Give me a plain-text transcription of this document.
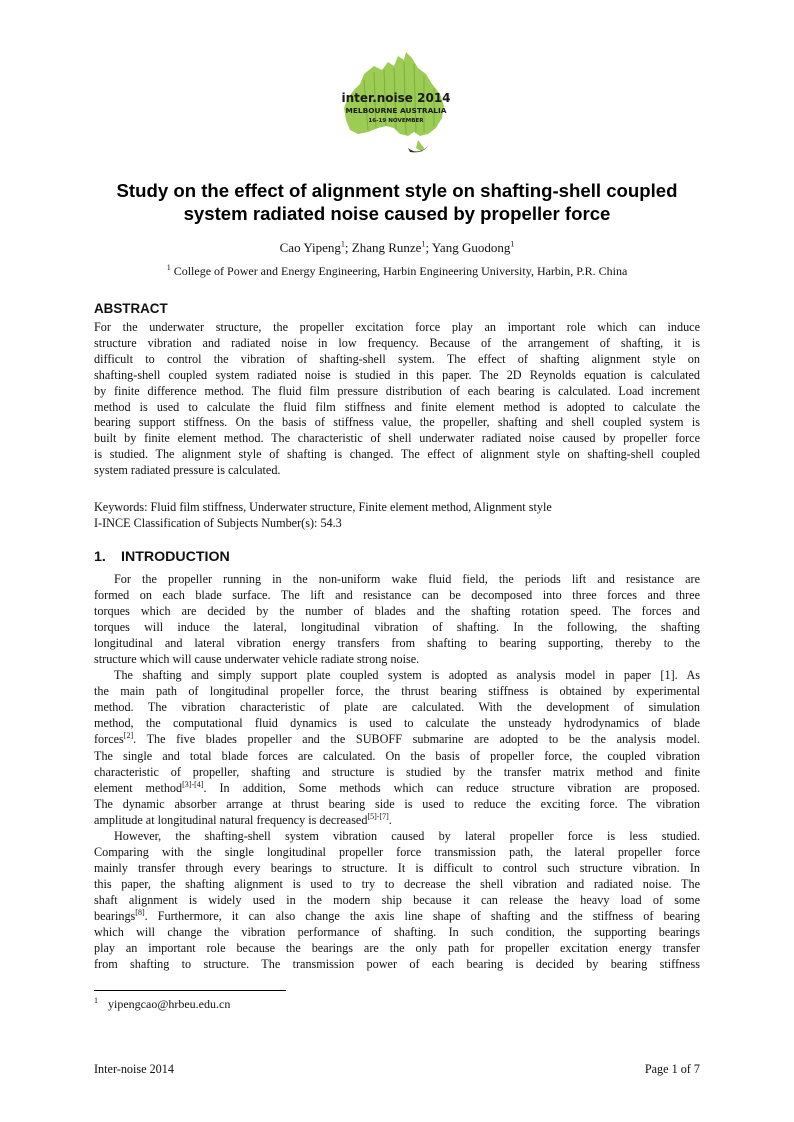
inter.noise 2014
MELBOURNE AUSTRALIA
16-19 NOVEMBER
Study on the effect of alignment style on shafting-shell coupled
system radiated noise caused by propeller force
Cao Yipeng$^1$; Zhang Runze$^1$; Yang Guodong$^1$
$^1$ College of Power and Energy Engineering, Harbin Engineering University, Harbin, P.R. China
ABSTRACT
For the underwater structure, the propeller excitation force play an important role which can induce
structure vibration and radiated noise in low frequency. Because of the arrangement of shafting, it is
difficult to control the vibration of shafting-shell system. The effect of shafting alignment style on
shafting-shell coupled system radiated noise is studied in this paper. The 2D Reynolds equation is calculated
by finite difference method. The fluid film pressure distribution of each bearing is calculated. Load increment
method is used to calculate the fluid film stiffness and finite element method is adopted to calculate the
bearing support stiffness. On the basis of stiffness value, the propeller, shafting and shell coupled system is
built by finite element method. The characteristic of shell underwater radiated noise caused by propeller force
is studied. The alignment style of shafting is changed. The effect of alignment style on shafting-shell coupled
system radiated pressure is calculated.
Keywords: Fluid film stiffness, Underwater structure, Finite element method, Alignment style
I-INCE Classification of Subjects Number(s): 54.3
1. INTRODUCTION
For the propeller running in the non-uniform wake fluid field, the periods lift and resistance are
formed on each blade surface. The lift and resistance can be decomposed into three forces and three
torques which are decided by the number of blades and the shafting rotation speed. The forces and
torques will induce the lateral, longitudinal vibration of shafting. In the following, the shafting
longitudinal and lateral vibration energy transfers from shafting to bearing supporting, thereby to the
structure which will cause underwater vehicle radiate strong noise.
The shafting and simply support plate coupled system is adopted as analysis model in paper [1]. As
the main path of longitudinal propeller force, the thrust bearing stiffness is obtained by experimental
method. The vibration characteristic of plate are calculated. With the development of simulation
method, the computational fluid dynamics is used to calculate the unsteady hydrodynamics of blade
forces[2]. The five blades propeller and the SUBOFF submarine are adopted to be the analysis model.
The single and total blade forces are calculated. On the basis of propeller force, the coupled vibration
characteristic of propeller, shafting and structure is studied by the transfer matrix method and finite
element method[3]-[4]. In addition, Some methods which can reduce structure vibration are proposed.
The dynamic absorber arrange at thrust bearing side is used to reduce the exciting force. The vibration
amplitude at longitudinal natural frequency is decreased[5]-[7].
However, the shafting-shell system vibration caused by lateral propeller force is less studied.
Comparing with the single longitudinal propeller force transmission path, the lateral propeller force
mainly transfer through every bearings to structure. It is difficult to control such structure vibration. In
this paper, the shafting alignment is used to try to decrease the shell vibration and radiated noise. The
shaft alignment is widely used in the modern ship because it can release the heavy load of some
bearings[8]. Furthermore, it can also change the axis line shape of shafting and the stiffness of bearing
which will change the vibration performance of shafting. In such condition, the supporting bearings
play an important role because the bearings are the only path for propeller excitation energy transfer
from shafting to structure. The transmission power of each bearing is decided by bearing stiffness
$^1$ yipengcao@hrbeu.edu.cn
Inter-noise 2014	Page 1 of 7
